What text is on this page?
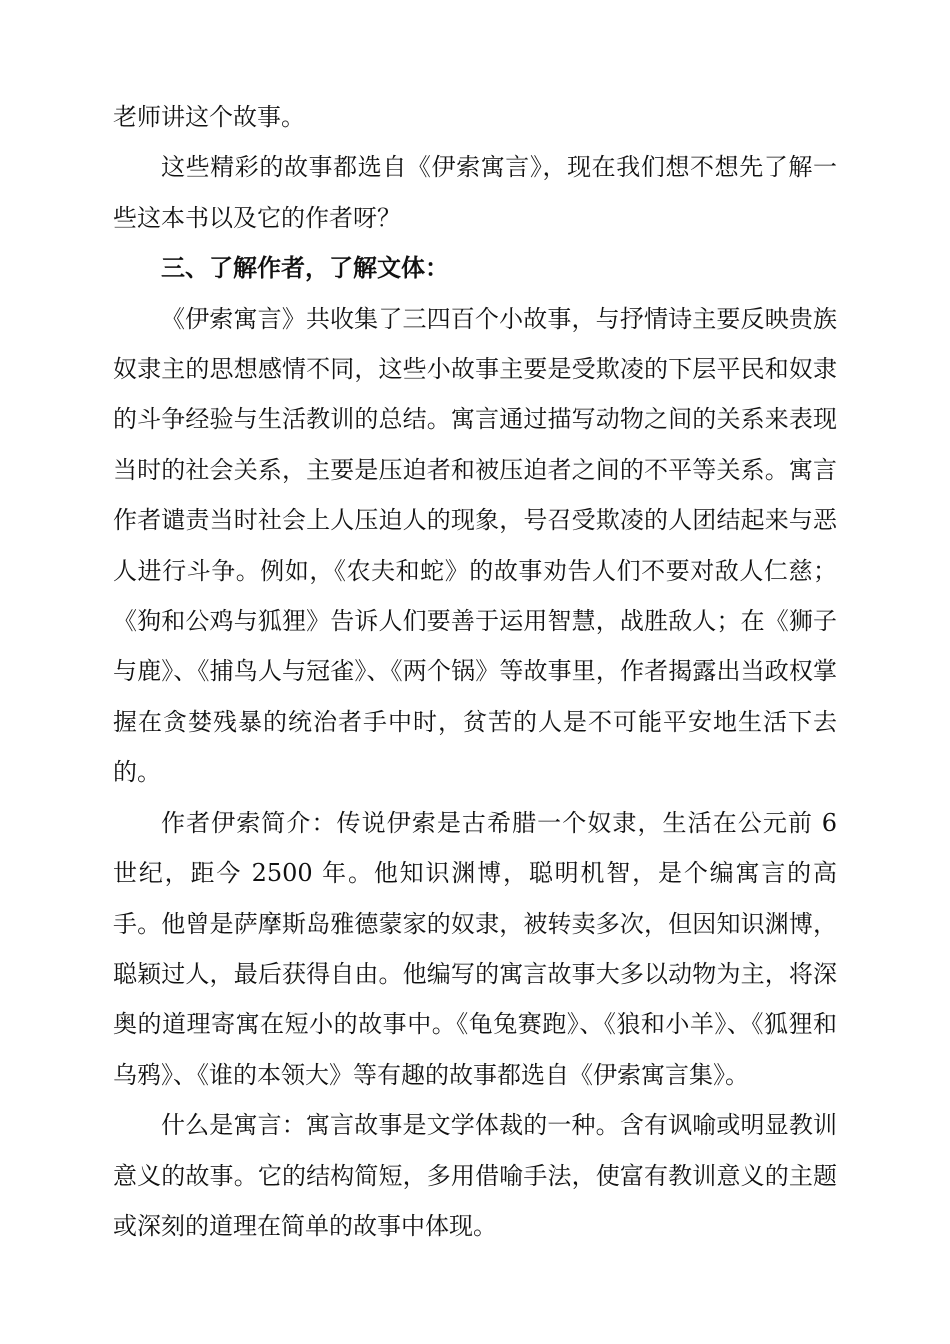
老师讲这个故事。

这些精彩的故事都选自《伊索寓言》，现在我们想不想先了解一些这本书以及它的作者呀？

三、了解作者，了解文体：

《伊索寓言》共收集了三四百个小故事，与抒情诗主要反映贵族奴隶主的思想感情不同，这些小故事主要是受欺凌的下层平民和奴隶的斗争经验与生活教训的总结。寓言通过描写动物之间的关系来表现当时的社会关系，主要是压迫者和被压迫者之间的不平等关系。寓言作者谴责当时社会上人压迫人的现象，号召受欺凌的人团结起来与恶人进行斗争。例如，《农夫和蛇》的故事劝告人们不要对敌人仁慈；《狗和公鸡与狐狸》告诉人们要善于运用智慧，战胜敌人；在《狮子与鹿》、《捕鸟人与冠雀》、《两个锅》等故事里，作者揭露出当政权掌握在贪婪残暴的统治者手中时，贫苦的人是不可能平安地生活下去的。

作者伊索简介：传说伊索是古希腊一个奴隶，生活在公元前 6 世纪，距今 2500 年。他知识渊博，聪明机智，是个编寓言的高手。他曾是萨摩斯岛雅德蒙家的奴隶，被转卖多次，但因知识渊博，聪颖过人，最后获得自由。他编写的寓言故事大多以动物为主，将深奥的道理寄寓在短小的故事中。《龟兔赛跑》、《狼和小羊》、《狐狸和乌鸦》、《谁的本领大》等有趣的故事都选自《伊索寓言集》。

什么是寓言：寓言故事是文学体裁的一种。含有讽喻或明显教训意义的故事。它的结构简短，多用借喻手法，使富有教训意义的主题或深刻的道理在简单的故事中体现。
